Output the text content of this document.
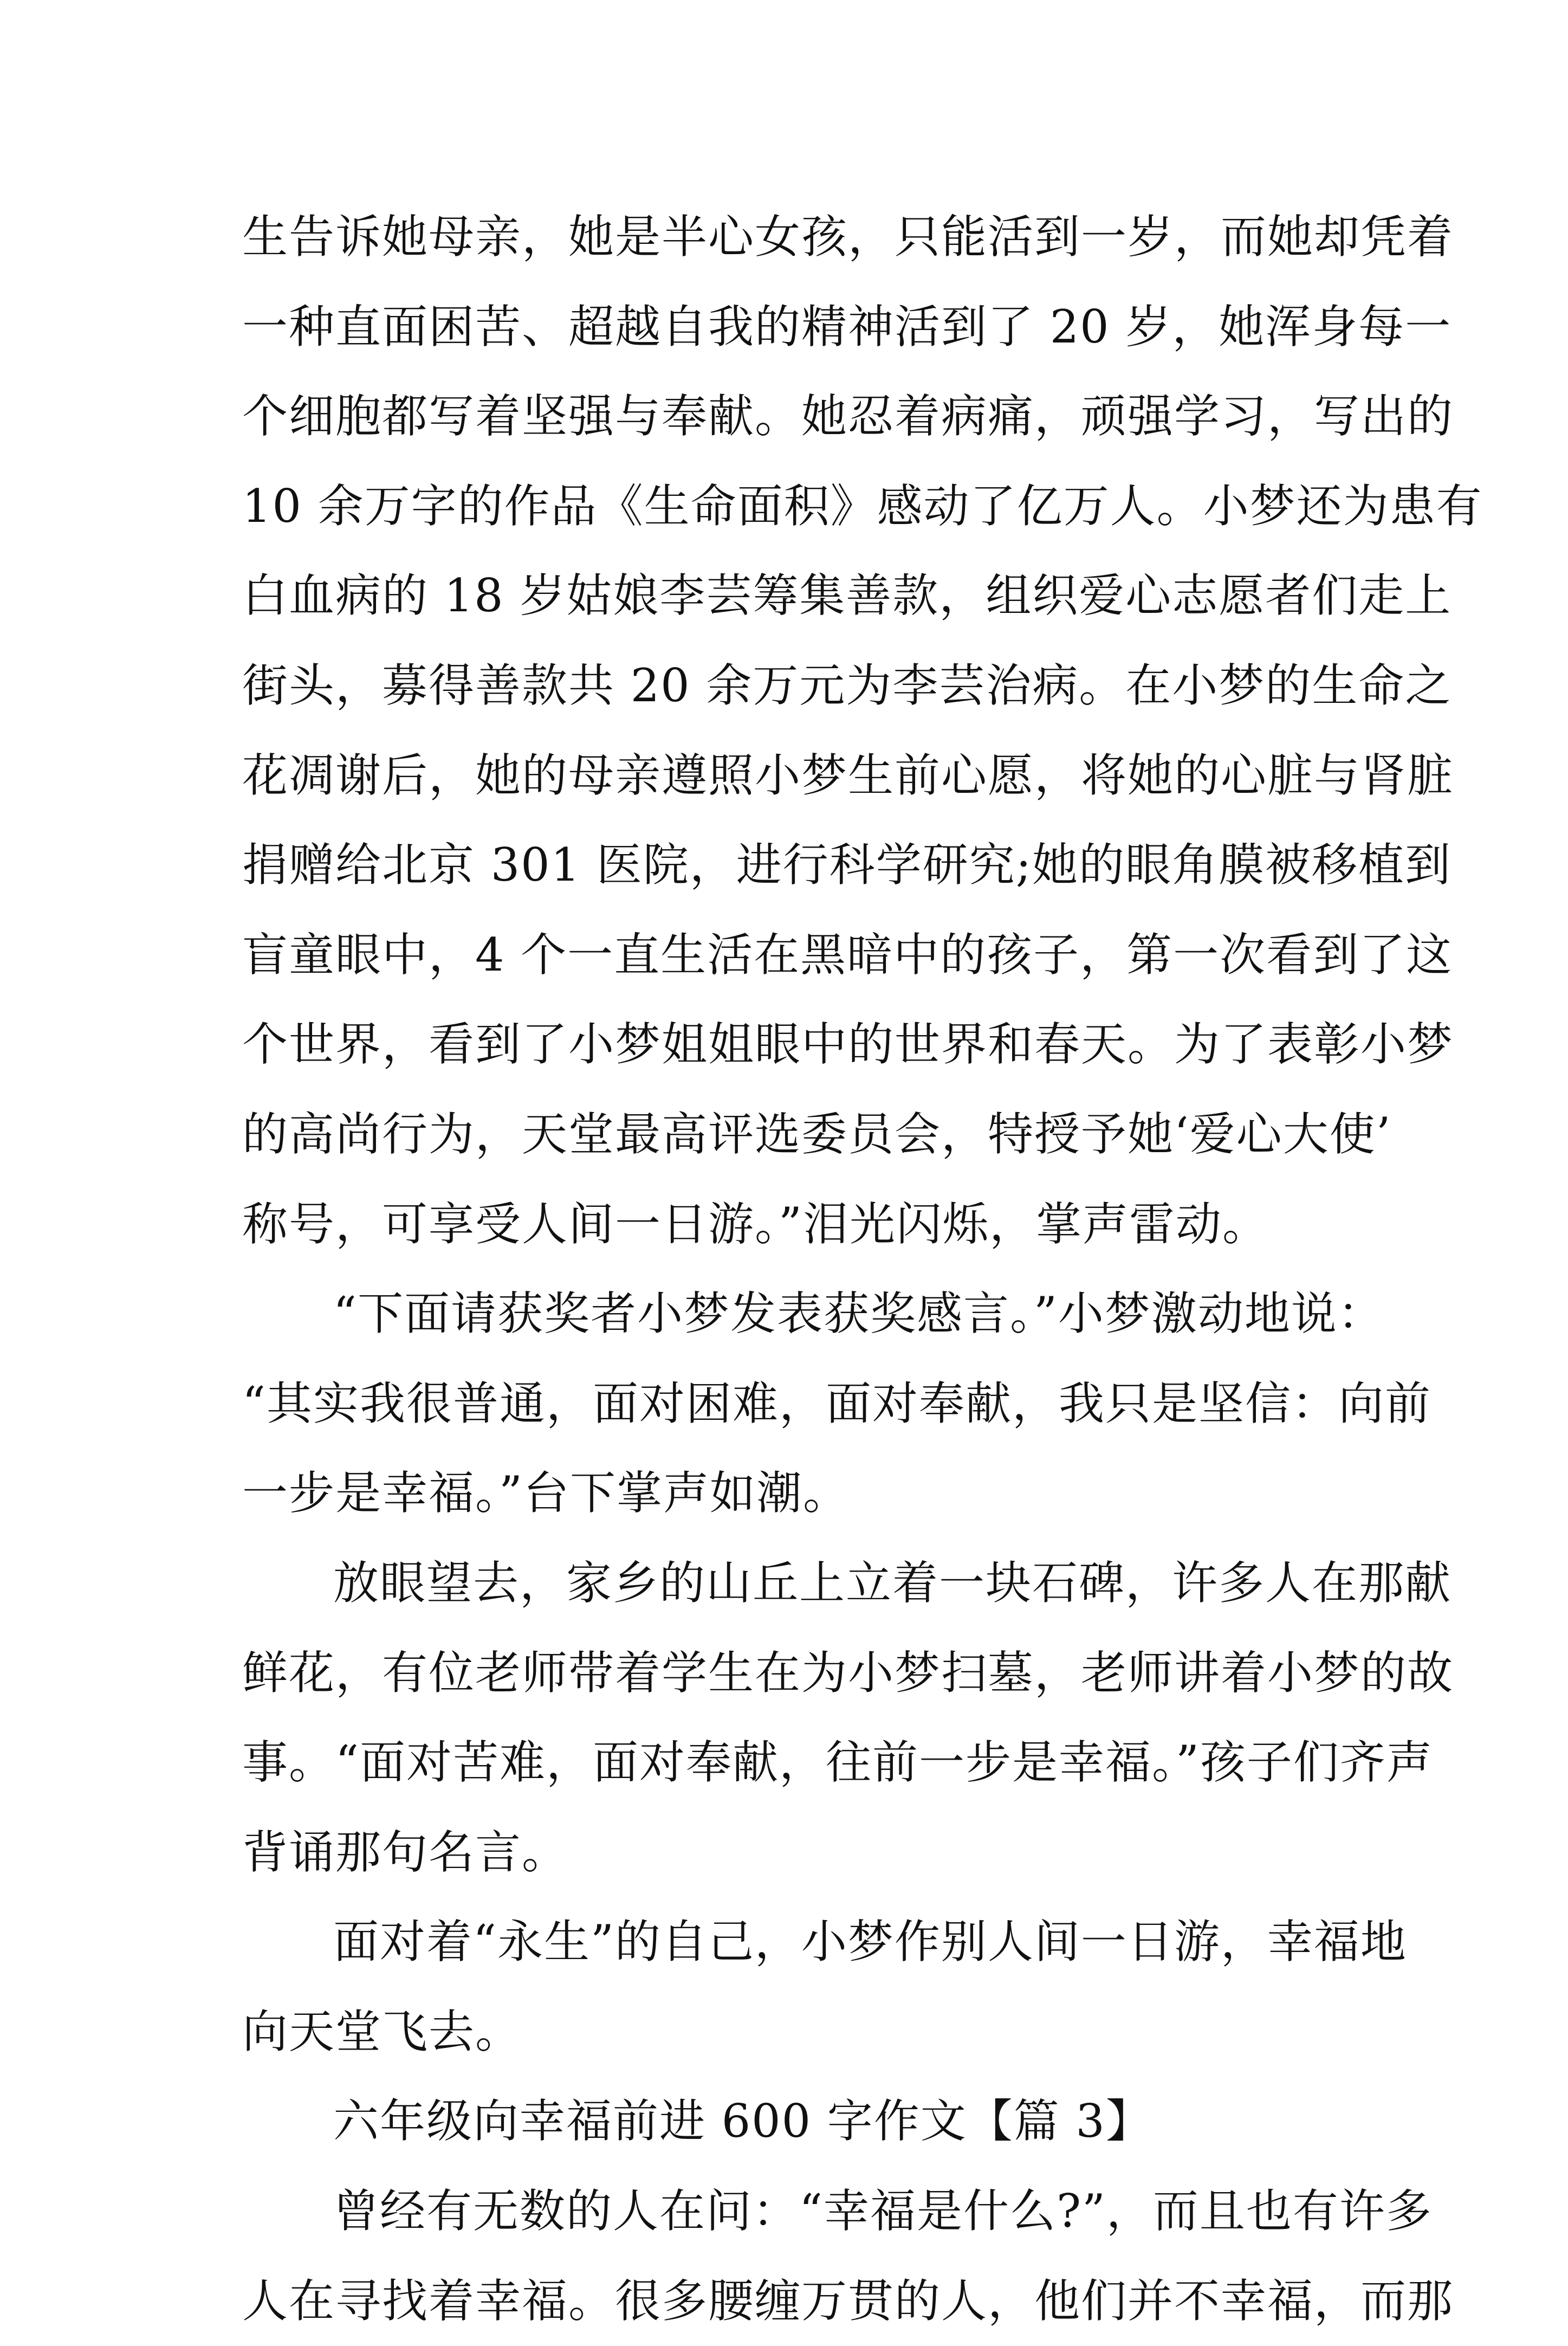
生告诉她母亲，她是半心女孩，只能活到一岁，而她却凭着
一种直面困苦、超越自我的精神活到了 20 岁，她浑身每一
个细胞都写着坚强与奉献。她忍着病痛，顽强学习，写出的
10 余万字的作品《生命面积》感动了亿万人。小梦还为患有
白血病的 18 岁姑娘李芸筹集善款，组织爱心志愿者们走上
街头，募得善款共 20 余万元为李芸治病。在小梦的生命之
花凋谢后，她的母亲遵照小梦生前心愿，将她的心脏与肾脏
捐赠给北京 301 医院，进行科学研究;她的眼角膜被移植到
盲童眼中，4 个一直生活在黑暗中的孩子，第一次看到了这
个世界，看到了小梦姐姐眼中的世界和春天。为了表彰小梦
的高尚行为，天堂最高评选委员会，特授予她‘爱心大使’
称号，可享受人间一日游。”泪光闪烁，掌声雷动。
“下面请获奖者小梦发表获奖感言。”小梦激动地说：
“其实我很普通，面对困难，面对奉献，我只是坚信：向前
一步是幸福。”台下掌声如潮。
放眼望去，家乡的山丘上立着一块石碑，许多人在那献
鲜花，有位老师带着学生在为小梦扫墓，老师讲着小梦的故
事。“面对苦难，面对奉献，往前一步是幸福。”孩子们齐声
背诵那句名言。
面对着“永生”的自己，小梦作别人间一日游，幸福地
向天堂飞去。
六年级向幸福前进 600 字作文【篇 3】
曾经有无数的人在问：“幸福是什么?”，而且也有许多
人在寻找着幸福。很多腰缠万贯的人，他们并不幸福，而那
